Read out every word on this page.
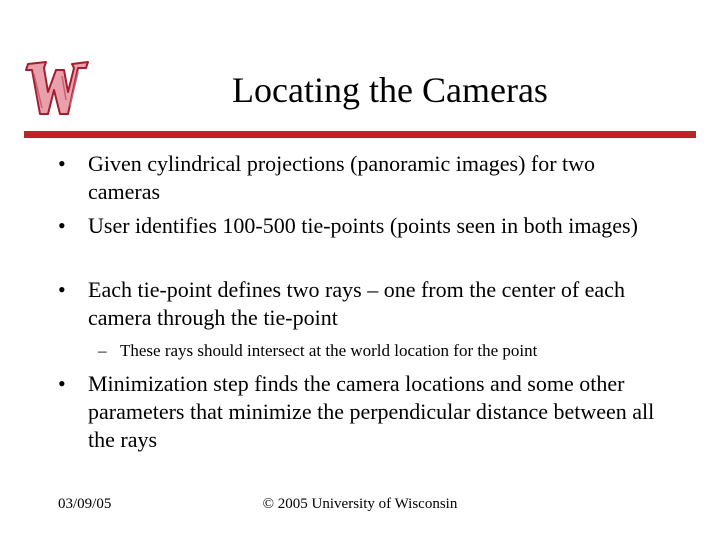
Locating the Cameras
•	Given cylindrical projections (panoramic images) for two cameras
•	User identifies 100-500 tie-points (points seen in both images)
•	Each tie-point defines two rays – one from the center of each camera through the tie-point
– These rays should intersect at the world location for the point
•	Minimization step finds the camera locations and some other parameters that minimize the perpendicular distance between all the rays
03/09/05	© 2005 University of Wisconsin
